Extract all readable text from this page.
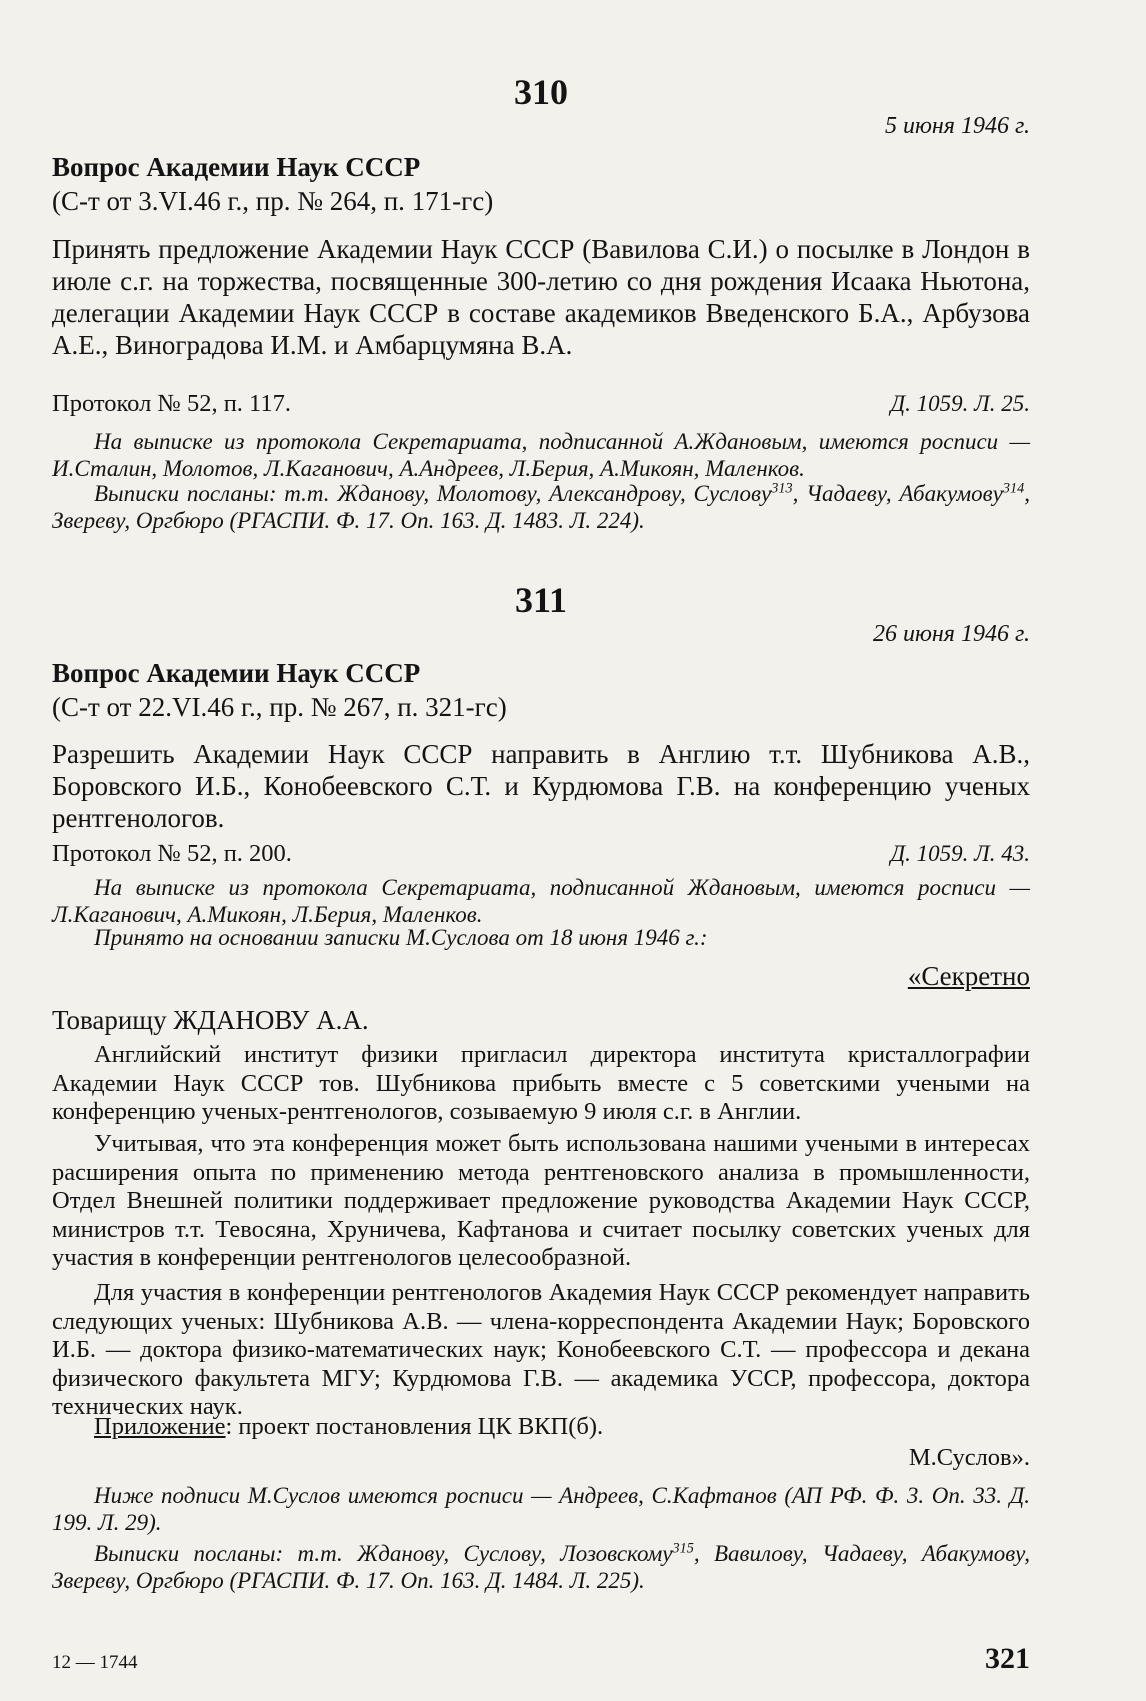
310
5 июня 1946 г.
Вопрос Академии Наук СССР
(С-т от 3.VI.46 г., пр. № 264, п. 171-гс)

Принять предложение Академии Наук СССР (Вавилова С.И.) о посылке в Лондон в июле с.г. на торжества, посвященные 300-летию со дня рождения Исаака Ньютона, делегации Академии Наук СССР в составе академиков Введенского Б.А., Арбузова А.Е., Виноградова И.М. и Амбарцумяна В.А.

Протокол № 52, п. 117.	Д. 1059. Л. 25.

На выписке из протокола Секретариата, подписанной А.Ждановым, имеются росписи — И.Сталин, Молотов, Л.Каганович, А.Андреев, Л.Берия, А.Микоян, Маленков.

Выписки посланы: т.т. Жданову, Молотову, Александрову, Суслову$^{313}$, Чадаеву, Абакумову$^{314}$, Звереву, Оргбюро (РГАСПИ. Ф. 17. Оп. 163. Д. 1483. Л. 224).

311
26 июня 1946 г.
Вопрос Академии Наук СССР
(С-т от 22.VI.46 г., пр. № 267, п. 321-гс)

Разрешить Академии Наук СССР направить в Англию т.т. Шубникова А.В., Боровского И.Б., Конобеевского С.Т. и Курдюмова Г.В. на конференцию ученых рентгенологов.

Протокол № 52, п. 200.	Д. 1059. Л. 43.

На выписке из протокола Секретариата, подписанной Ждановым, имеются росписи — Л.Каганович, А.Микоян, Л.Берия, Маленков.

Принято на основании записки М.Суслова от 18 июня 1946 г.:

«Секретно
Товарищу ЖДАНОВУ А.А.

Английский институт физики пригласил директора института кристаллографии Академии Наук СССР тов. Шубникова прибыть вместе с 5 советскими учеными на конференцию ученых-рентгенологов, созываемую 9 июля с.г. в Англии.

Учитывая, что эта конференция может быть использована нашими учеными в интересах расширения опыта по применению метода рентгеновского анализа в промышленности, Отдел Внешней политики поддерживает предложение руководства Академии Наук СССР, министров т.т. Тевосяна, Хруничева, Кафтанова и считает посылку советских ученых для участия в конференции рентгенологов целесообразной.

Для участия в конференции рентгенологов Академия Наук СССР рекомендует направить следующих ученых: Шубникова А.В. — члена-корреспондента Академии Наук; Боровского И.Б. — доктора физико-математических наук; Конобеевского С.Т. — профессора и декана физического факультета МГУ; Курдюмова Г.В. — академика УССР, профессора, доктора технических наук.

Приложение: проект постановления ЦК ВКП(б).

М.Суслов».

Ниже подписи М.Суслов имеются росписи — Андреев, С.Кафтанов (АП РФ. Ф. 3. Оп. 33. Д. 199. Л. 29).

Выписки посланы: т.т. Жданову, Суслову, Лозовскому$^{315}$, Вавилову, Чадаеву, Абакумову, Звереву, Оргбюро (РГАСПИ. Ф. 17. Оп. 163. Д. 1484. Л. 225).

12 — 1744	321
